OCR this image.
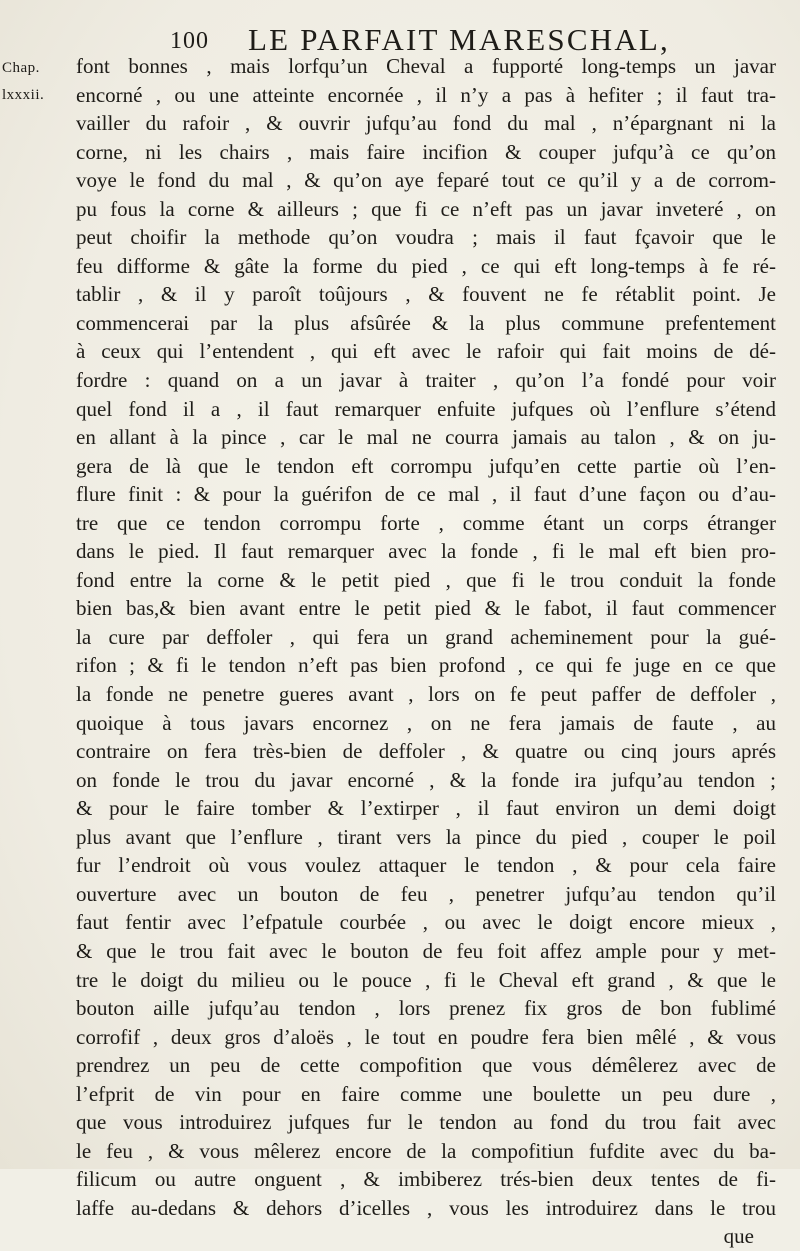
100 LE PARFAIT MARESCHAL,
Chap.
lxxxii.
font bonnes , mais lorfqu’un Cheval a fupporté long-temps un javar
encorné , ou une atteinte encornée , il n’y a pas à hefiter ; il faut tra-
vailler du rafoir , & ouvrir jufqu’au fond du mal , n’épargnant ni la
corne, ni les chairs , mais faire incifion & couper jufqu’à ce qu’on
voye le fond du mal , & qu’on aye feparé tout ce qu’il y a de corrom-
pu fous la corne & ailleurs ; que fi ce n’eft pas un javar inveteré , on
peut choifir la methode qu’on voudra ; mais il faut fçavoir que le
feu difforme & gâte la forme du pied , ce qui eft long-temps à fe ré-
tablir , & il y paroît toûjours , & fouvent ne fe rétablit point. Je
commencerai par la plus afsûrée & la plus commune prefentement
à ceux qui l’entendent , qui eft avec le rafoir qui fait moins de dé-
fordre : quand on a un javar à traiter , qu’on l’a fondé pour voir
quel fond il a , il faut remarquer enfuite jufques où l’enflure s’étend
en allant à la pince , car le mal ne courra jamais au talon , & on ju-
gera de là que le tendon eft corrompu jufqu’en cette partie où l’en-
flure finit : & pour la guérifon de ce mal , il faut d’une façon ou d’au-
tre que ce tendon corrompu forte , comme étant un corps étranger
dans le pied. Il faut remarquer avec la fonde , fi le mal eft bien pro-
fond entre la corne & le petit pied , que fi le trou conduit la fonde
bien bas,& bien avant entre le petit pied & le fabot, il faut commencer
la cure par deffoler , qui fera un grand acheminement pour la gué-
rifon ; & fi le tendon n’eft pas bien profond , ce qui fe juge en ce que
la fonde ne penetre gueres avant , lors on fe peut paffer de deffoler ,
quoique à tous javars encornez , on ne fera jamais de faute , au
contraire on fera très-bien de deffoler , & quatre ou cinq jours aprés
on fonde le trou du javar encorné , & la fonde ira jufqu’au tendon ;
& pour le faire tomber & l’extirper , il faut environ un demi doigt
plus avant que l’enflure , tirant vers la pince du pied , couper le poil
fur l’endroit où vous voulez attaquer le tendon , & pour cela faire
ouverture avec un bouton de feu , penetrer jufqu’au tendon qu’il
faut fentir avec l’efpatule courbée , ou avec le doigt encore mieux ,
& que le trou fait avec le bouton de feu foit affez ample pour y met-
tre le doigt du milieu ou le pouce , fi le Cheval eft grand , & que le
bouton aille jufqu’au tendon , lors prenez fix gros de bon fublimé
corrofif , deux gros d’aloës , le tout en poudre fera bien mêlé , & vous
prendrez un peu de cette compofition que vous démêlerez avec de
l’efprit de vin pour en faire comme une boulette un peu dure ,
que vous introduirez jufques fur le tendon au fond du trou fait avec
le feu , & vous mêlerez encore de la compofitiun fufdite avec du ba-
filicum ou autre onguent , & imbiberez trés-bien deux tentes de fi-
laffe au-dedans & dehors d’icelles , vous les introduirez dans le trou
que
